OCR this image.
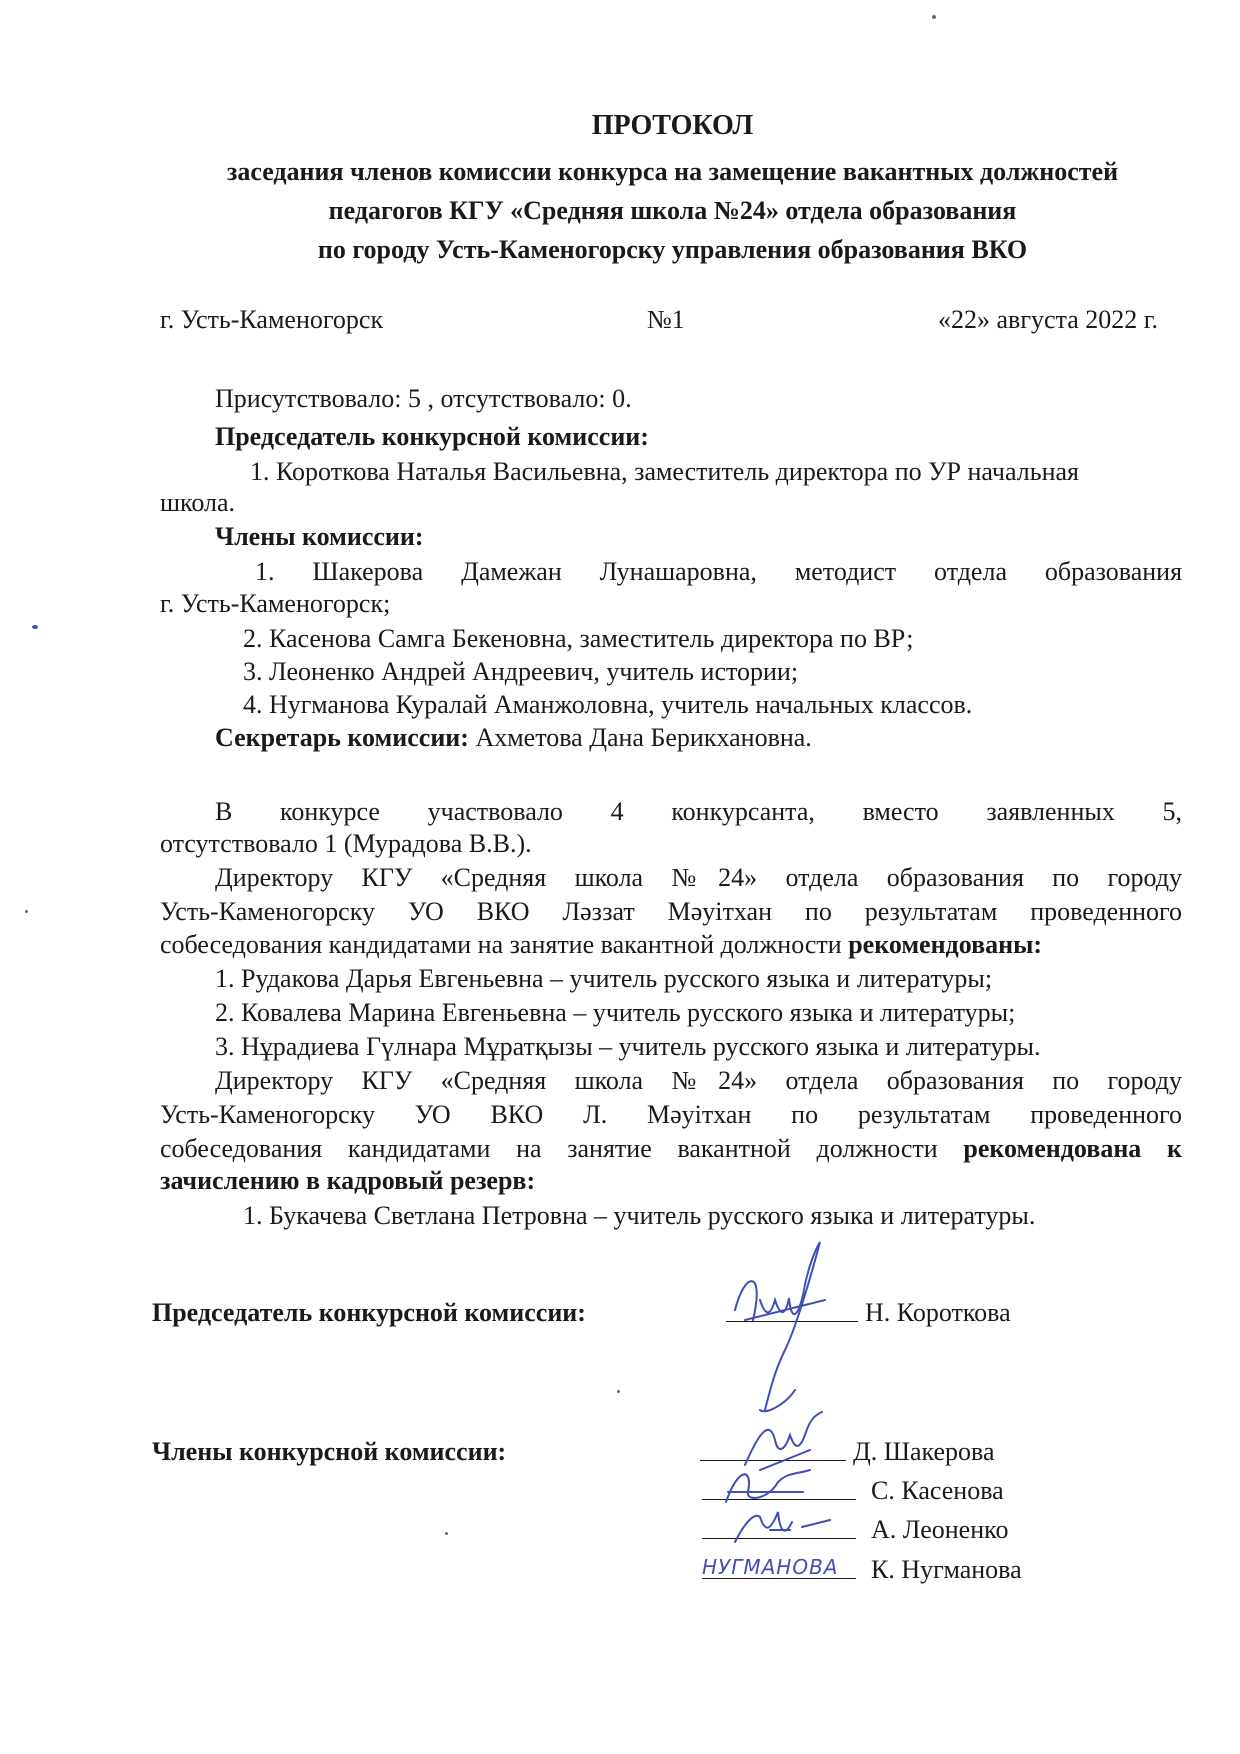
ПРОТОКОЛ
заседания членов комиссии конкурса на замещение вакантных должностей
педагогов КГУ «Средняя школа №24» отдела образования
по городу Усть-Каменогорску управления образования ВКО
г. Усть-Каменогорск	№1	«22» августа 2022 г.
Присутствовало: 5 , отсутствовало: 0.
Председатель конкурсной комиссии:
1. Короткова Наталья Васильевна, заместитель директора по УР начальная
школа.
Члены комиссии:
1. Шакерова Дамежан Лунашаровна, методист отдела образования
г. Усть-Каменогорск;
2. Касенова Самга Бекеновна, заместитель директора по ВР;
3. Леоненко Андрей Андреевич, учитель истории;
4. Нугманова Куралай Аманжоловна, учитель начальных классов.
Секретарь комиссии: Ахметова Дана Берикхановна.
В конкурсе участвовало 4 конкурсанта, вместо заявленных 5,
отсутствовало 1 (Мурадова В.В.).
Директору КГУ «Средняя школа №24» отдела образования по городу
Усть-Каменогорску УО ВКО Ләззат Мәуітхан по результатам проведенного
собеседования кандидатами на занятие вакантной должности рекомендованы:
1. Рудакова Дарья Евгеньевна – учитель русского языка и литературы;
2. Ковалева Марина Евгеньевна – учитель русского языка и литературы;
3. Нұрадиева Гүлнара Мұратқызы – учитель русского языка и литературы.
Директору КГУ «Средняя школа №24» отдела образования по городу
Усть-Каменогорску УО ВКО Л. Мәуітхан по результатам проведенного
собеседования кандидатами на занятие вакантной должности рекомендована к
зачислению в кадровый резерв:
1. Букачева Светлана Петровна – учитель русского языка и литературы.
Председатель конкурсной комиссии:	Н. Короткова
Члены конкурсной комиссии:	Д. Шакерова
С. Касенова
А. Леоненко
К. Нугманова
НУГМАНОВА
